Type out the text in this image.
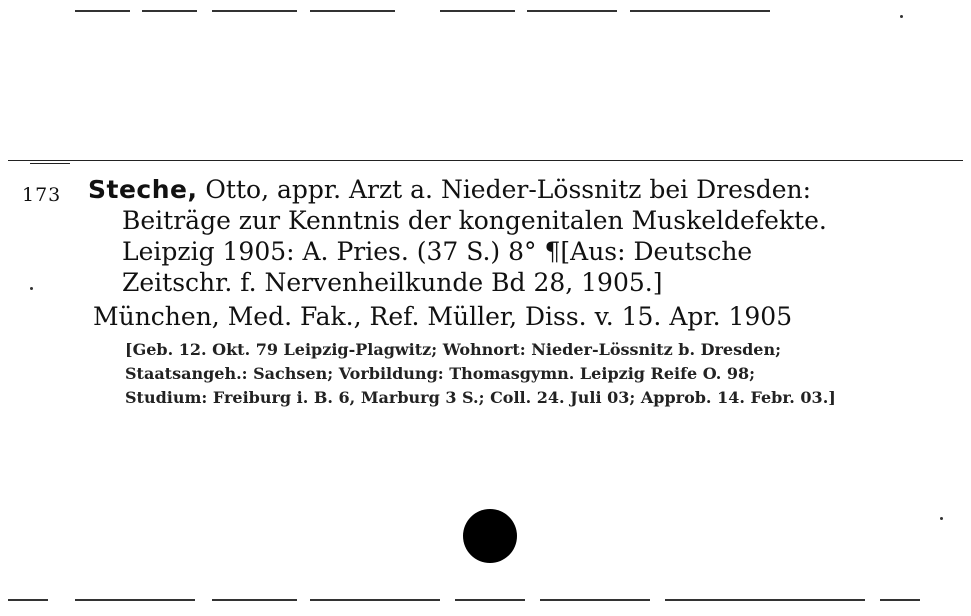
173 Steche, Otto, appr. Arzt a. Nieder-Lössnitz bei Dresden:
Beiträge zur Kenntnis der kongenitalen Muskeldefekte.
Leipzig 1905: A. Pries. (37 S.) 8° ¶[Aus: Deutsche
Zeitschr. f. Nervenheilkunde Bd 28, 1905.]
München, Med. Fak., Ref. Müller, Diss. v. 15. Apr. 1905
[Geb. 12. Okt. 79 Leipzig-Plagwitz; Wohnort: Nieder-Lössnitz b. Dresden;
Staatsangeh.: Sachsen; Vorbildung: Thomasgymn. Leipzig Reife O. 98;
Studium: Freiburg i. B. 6, Marburg 3 S.; Coll. 24. Juli 03; Approb. 14. Febr. 03.]
